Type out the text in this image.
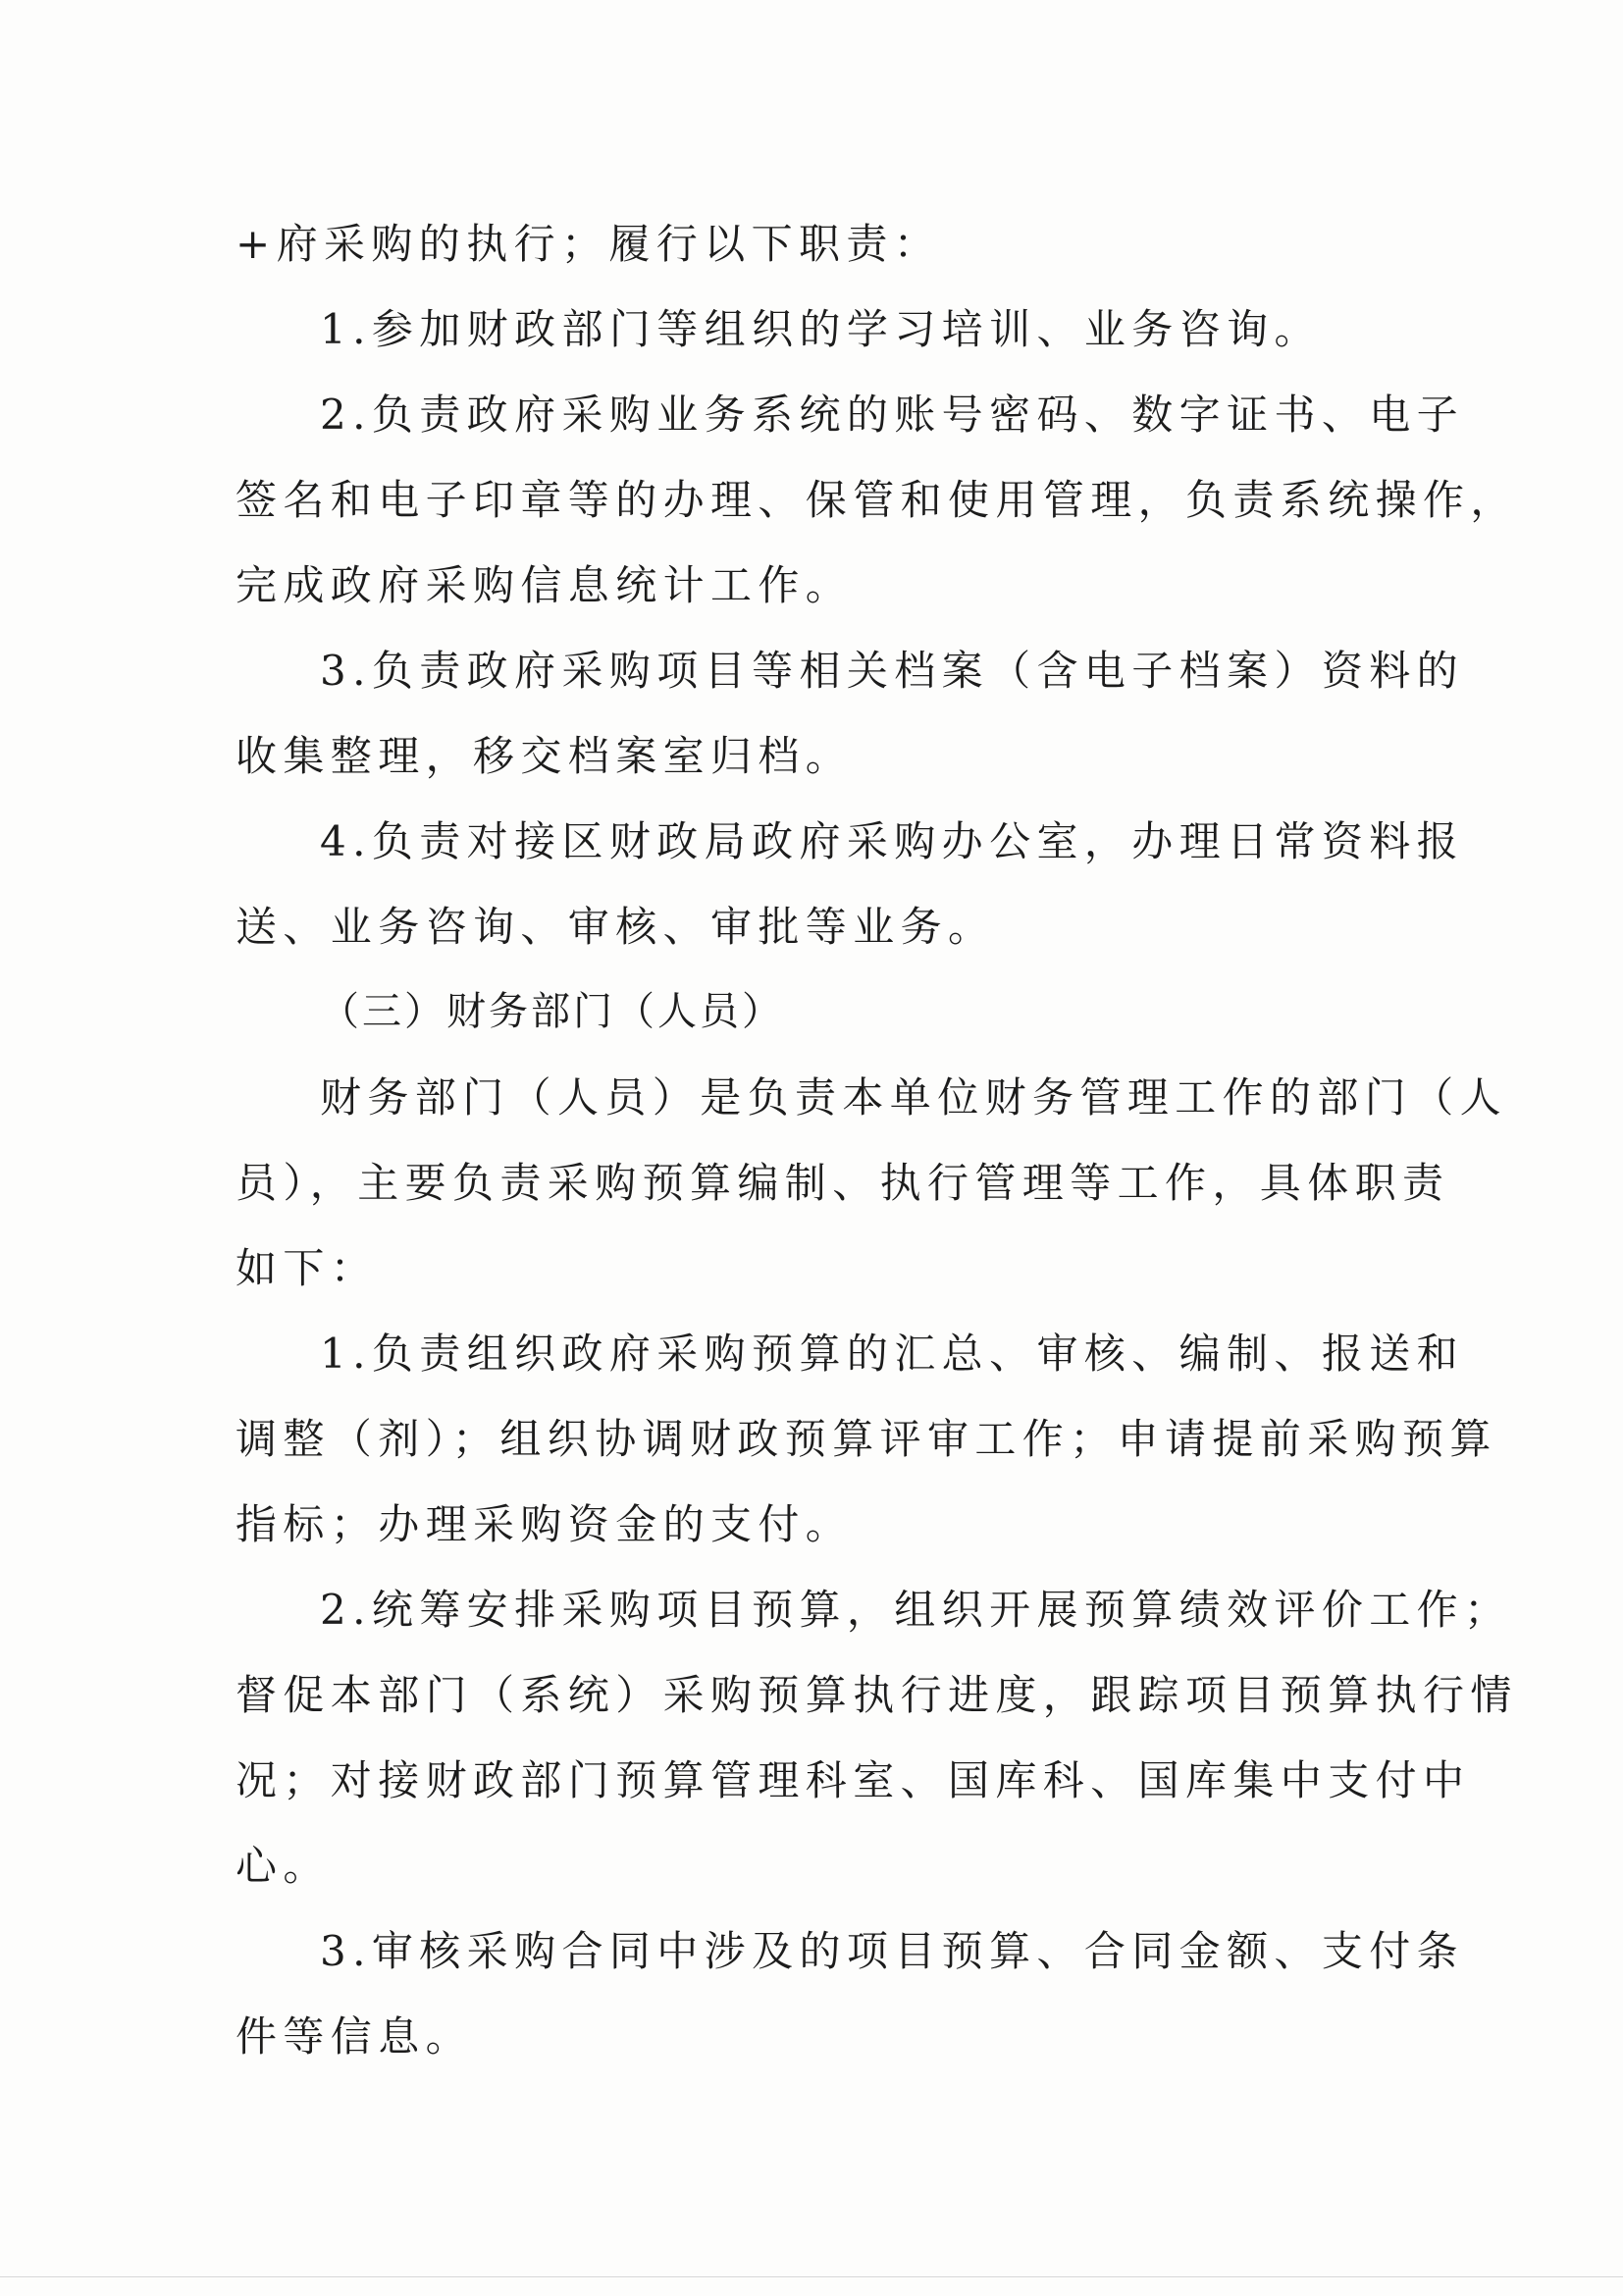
+府采购的执行；履行以下职责：
1.参加财政部门等组织的学习培训、业务咨询。
2.负责政府采购业务系统的账号密码、数字证书、电子
签名和电子印章等的办理、保管和使用管理，负责系统操作，
完成政府采购信息统计工作。
3.负责政府采购项目等相关档案（含电子档案）资料的
收集整理，移交档案室归档。
4.负责对接区财政局政府采购办公室，办理日常资料报
送、业务咨询、审核、审批等业务。
（三）财务部门（人员）
财务部门（人员）是负责本单位财务管理工作的部门（人
员），主要负责采购预算编制、执行管理等工作，具体职责
如下：
1.负责组织政府采购预算的汇总、审核、编制、报送和
调整（剂）；组织协调财政预算评审工作；申请提前采购预算
指标；办理采购资金的支付。
2.统筹安排采购项目预算，组织开展预算绩效评价工作；
督促本部门（系统）采购预算执行进度，跟踪项目预算执行情
况；对接财政部门预算管理科室、国库科、国库集中支付中
心。
3.审核采购合同中涉及的项目预算、合同金额、支付条
件等信息。
